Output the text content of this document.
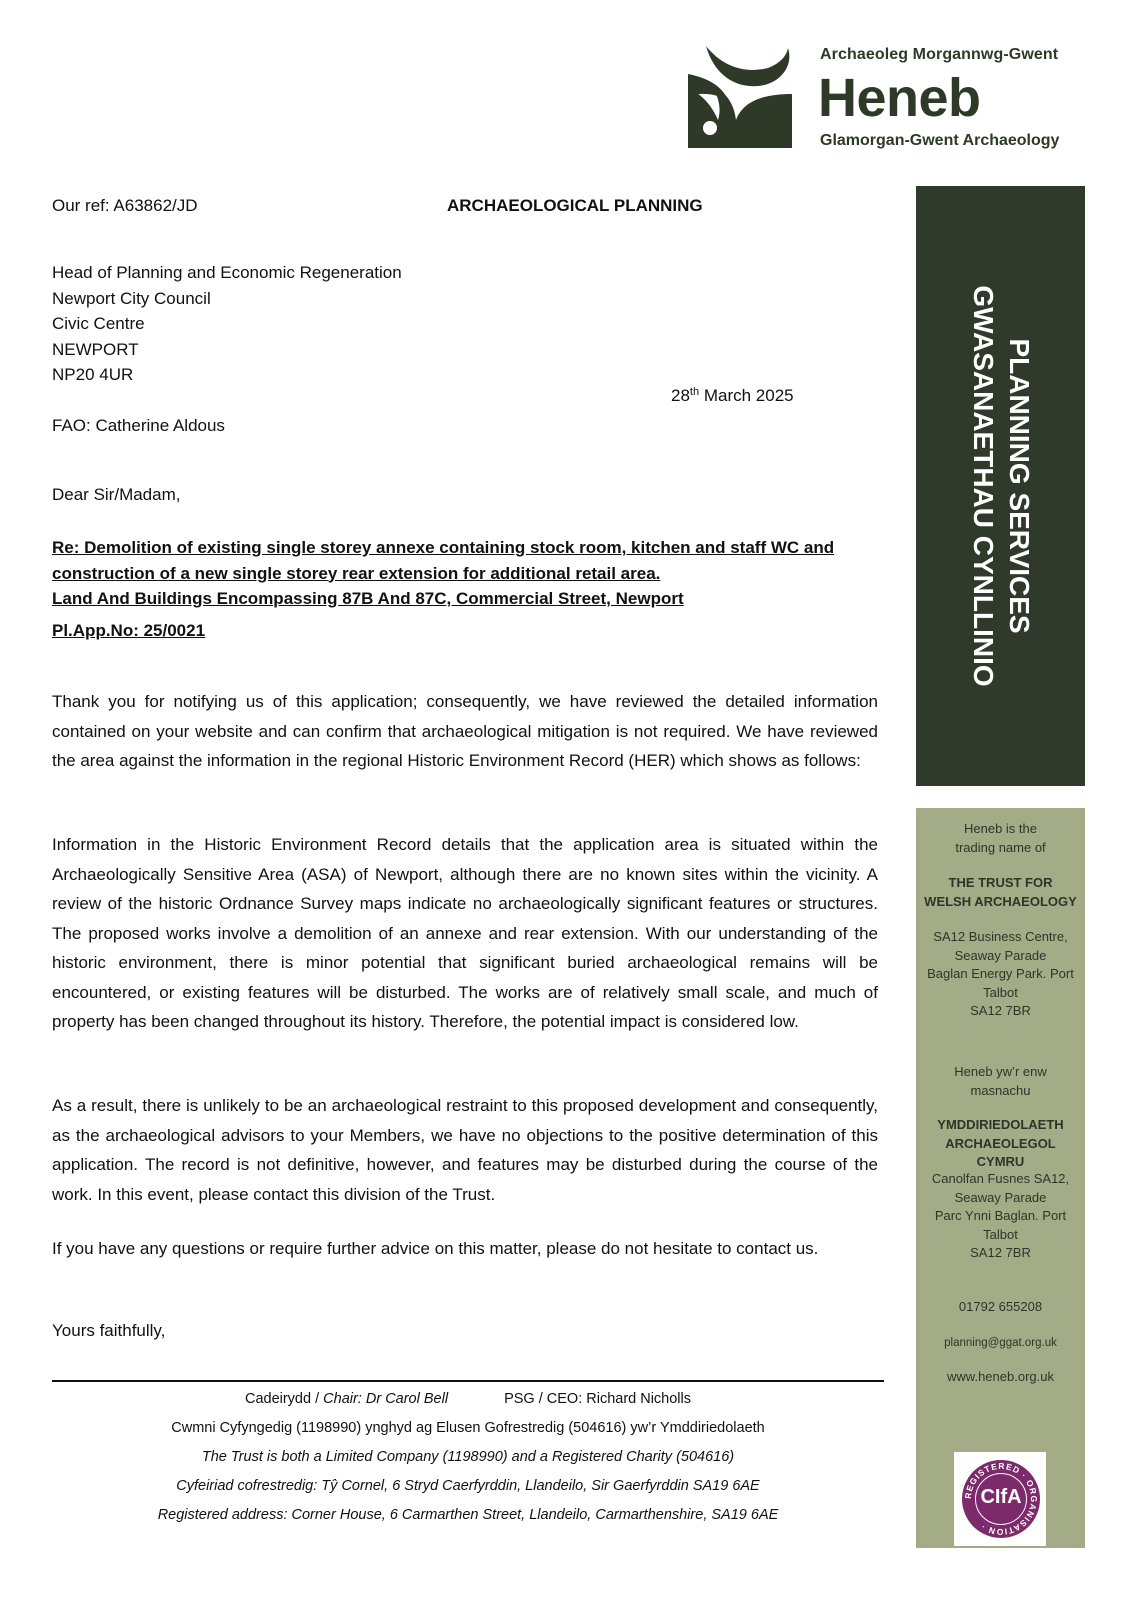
Archaeoleg Morgannwg-Gwent
Heneb
Glamorgan-Gwent Archaeology
Our ref: A63862/JD	ARCHAEOLOGICAL PLANNING
Head of Planning and Economic Regeneration
Newport City Council
Civic Centre
NEWPORT
NP20 4UR
28th March 2025
FAO: Catherine Aldous
Dear Sir/Madam,
Re: Demolition of existing single storey annexe containing stock room, kitchen and staff WC and construction of a new single storey rear extension for additional retail area.
Land And Buildings Encompassing 87B And 87C, Commercial Street, Newport
Pl.App.No: 25/0021
Thank you for notifying us of this application; consequently, we have reviewed the detailed information contained on your website and can confirm that archaeological mitigation is not required. We have reviewed the area against the information in the regional Historic Environment Record (HER) which shows as follows:
Information in the Historic Environment Record details that the application area is situated within the Archaeologically Sensitive Area (ASA) of Newport, although there are no known sites within the vicinity. A review of the historic Ordnance Survey maps indicate no archaeologically significant features or structures. The proposed works involve a demolition of an annexe and rear extension. With our understanding of the historic environment, there is minor potential that significant buried archaeological remains will be encountered, or existing features will be disturbed. The works are of relatively small scale, and much of property has been changed throughout its history. Therefore, the potential impact is considered low.
As a result, there is unlikely to be an archaeological restraint to this proposed development and consequently, as the archaeological advisors to your Members, we have no objections to the positive determination of this application. The record is not definitive, however, and features may be disturbed during the course of the work. In this event, please contact this division of the Trust.
If you have any questions or require further advice on this matter, please do not hesitate to contact us.
Yours faithfully,
Cadeirydd / Chair: Dr Carol Bell	PSG / CEO: Richard Nicholls
Cwmni Cyfyngedig (1198990) ynghyd ag Elusen Gofrestredig (504616) yw’r Ymddiriedolaeth
The Trust is both a Limited Company (1198990) and a Registered Charity (504616)
Cyfeiriad cofrestredig: Tŷ Cornel, 6 Stryd Caerfyrddin, Llandeilo, Sir Gaerfyrddin SA19 6AE
Registered address: Corner House, 6 Carmarthen Street, Llandeilo, Carmarthenshire, SA19 6AE
PLANNING SERVICES
GWASANAETHAU CYNLLINIO
Heneb is the trading name of
THE TRUST FOR WELSH ARCHAEOLOGY
SA12 Business Centre,
Seaway Parade
Baglan Energy Park. Port
Talbot
SA12 7BR
Heneb yw’r enw masnachu
YMDDIRIEDOLAETH ARCHAEOLEGOL CYMRU
Canolfan Fusnes SA12,
Seaway Parade
Parc Ynni Baglan. Port
Talbot
SA12 7BR
01792 655208
planning@ggat.org.uk
www.heneb.org.uk
REGISTERED · ORGANISATION ·
CIfA
